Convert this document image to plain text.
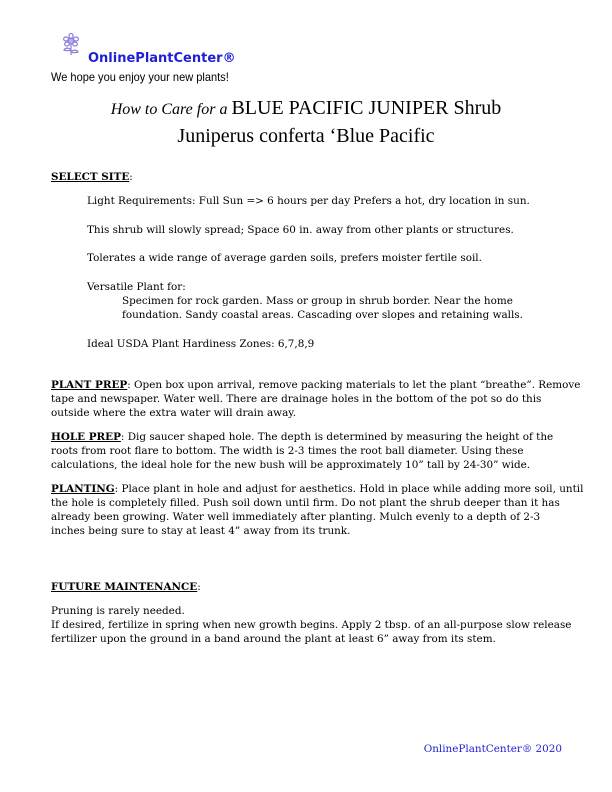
OnlinePlantCenter®
We hope you enjoy your new plants!
How to Care for a BLUE PACIFIC JUNIPER Shrub
Juniperus conferta ‘Blue Pacific
SELECT SITE:
Light Requirements: Full Sun => 6 hours per day Prefers a hot, dry location in sun.
This shrub will slowly spread; Space 60 in. away from other plants or structures.
Tolerates a wide range of average garden soils, prefers moister fertile soil.
Versatile Plant for:
Specimen for rock garden. Mass or group in shrub border. Near the home
foundation. Sandy coastal areas. Cascading over slopes and retaining walls.
Ideal USDA Plant Hardiness Zones: 6,7,8,9
PLANT PREP: Open box upon arrival, remove packing materials to let the plant “breathe”. Remove
tape and newspaper. Water well. There are drainage holes in the bottom of the pot so do this
outside where the extra water will drain away.
HOLE PREP: Dig saucer shaped hole. The depth is determined by measuring the height of the
roots from root flare to bottom. The width is 2-3 times the root ball diameter. Using these
calculations, the ideal hole for the new bush will be approximately 10” tall by 24-30” wide.
PLANTING: Place plant in hole and adjust for aesthetics. Hold in place while adding more soil, until
the hole is completely filled. Push soil down until firm. Do not plant the shrub deeper than it has
already been growing. Water well immediately after planting. Mulch evenly to a depth of 2-3
inches being sure to stay at least 4” away from its trunk.
FUTURE MAINTENANCE:
Pruning is rarely needed.
If desired, fertilize in spring when new growth begins. Apply 2 tbsp. of an all-purpose slow release
fertilizer upon the ground in a band around the plant at least 6” away from its stem.
OnlinePlantCenter® 2020
